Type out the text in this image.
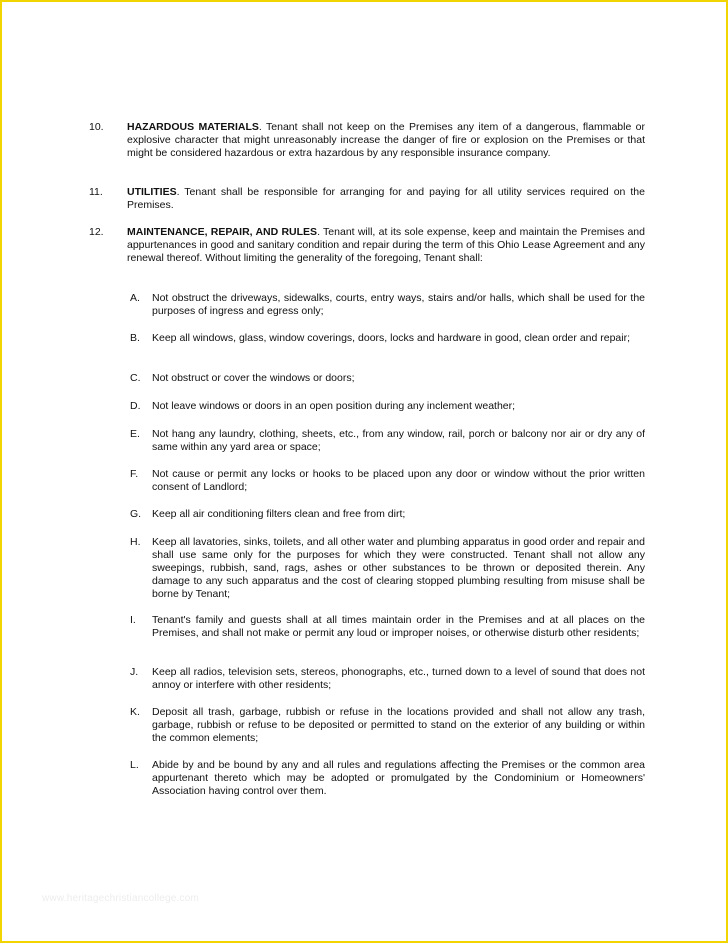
10.	HAZARDOUS MATERIALS. Tenant shall not keep on the Premises any item of a dangerous, flammable or explosive character that might unreasonably increase the danger of fire or explosion on the Premises or that might be considered hazardous or extra hazardous by any responsible insurance company.
11.	UTILITIES. Tenant shall be responsible for arranging for and paying for all utility services required on the Premises.
12.	MAINTENANCE, REPAIR, AND RULES. Tenant will, at its sole expense, keep and maintain the Premises and appurtenances in good and sanitary condition and repair during the term of this Ohio Lease Agreement and any renewal thereof. Without limiting the generality of the foregoing, Tenant shall:
A.	Not obstruct the driveways, sidewalks, courts, entry ways, stairs and/or halls, which shall be used for the purposes of ingress and egress only;
B.	Keep all windows, glass, window coverings, doors, locks and hardware in good, clean order and repair;
C.	Not obstruct or cover the windows or doors;
D.	Not leave windows or doors in an open position during any inclement weather;
E.	Not hang any laundry, clothing, sheets, etc., from any window, rail, porch or balcony nor air or dry any of same within any yard area or space;
F.	Not cause or permit any locks or hooks to be placed upon any door or window without the prior written consent of Landlord;
G.	Keep all air conditioning filters clean and free from dirt;
H.	Keep all lavatories, sinks, toilets, and all other water and plumbing apparatus in good order and repair and shall use same only for the purposes for which they were constructed. Tenant shall not allow any sweepings, rubbish, sand, rags, ashes or other substances to be thrown or deposited therein. Any damage to any such apparatus and the cost of clearing stopped plumbing resulting from misuse shall be borne by Tenant;
I.	Tenant's family and guests shall at all times maintain order in the Premises and at all places on the Premises, and shall not make or permit any loud or improper noises, or otherwise disturb other residents;
J.	Keep all radios, television sets, stereos, phonographs, etc., turned down to a level of sound that does not annoy or interfere with other residents;
K.	Deposit all trash, garbage, rubbish or refuse in the locations provided and shall not allow any trash, garbage, rubbish or refuse to be deposited or permitted to stand on the exterior of any building or within the common elements;
L.	Abide by and be bound by any and all rules and regulations affecting the Premises or the common area appurtenant thereto which may be adopted or promulgated by the Condominium or Homeowners' Association having control over them.
www.heritagechristiancollege.com
